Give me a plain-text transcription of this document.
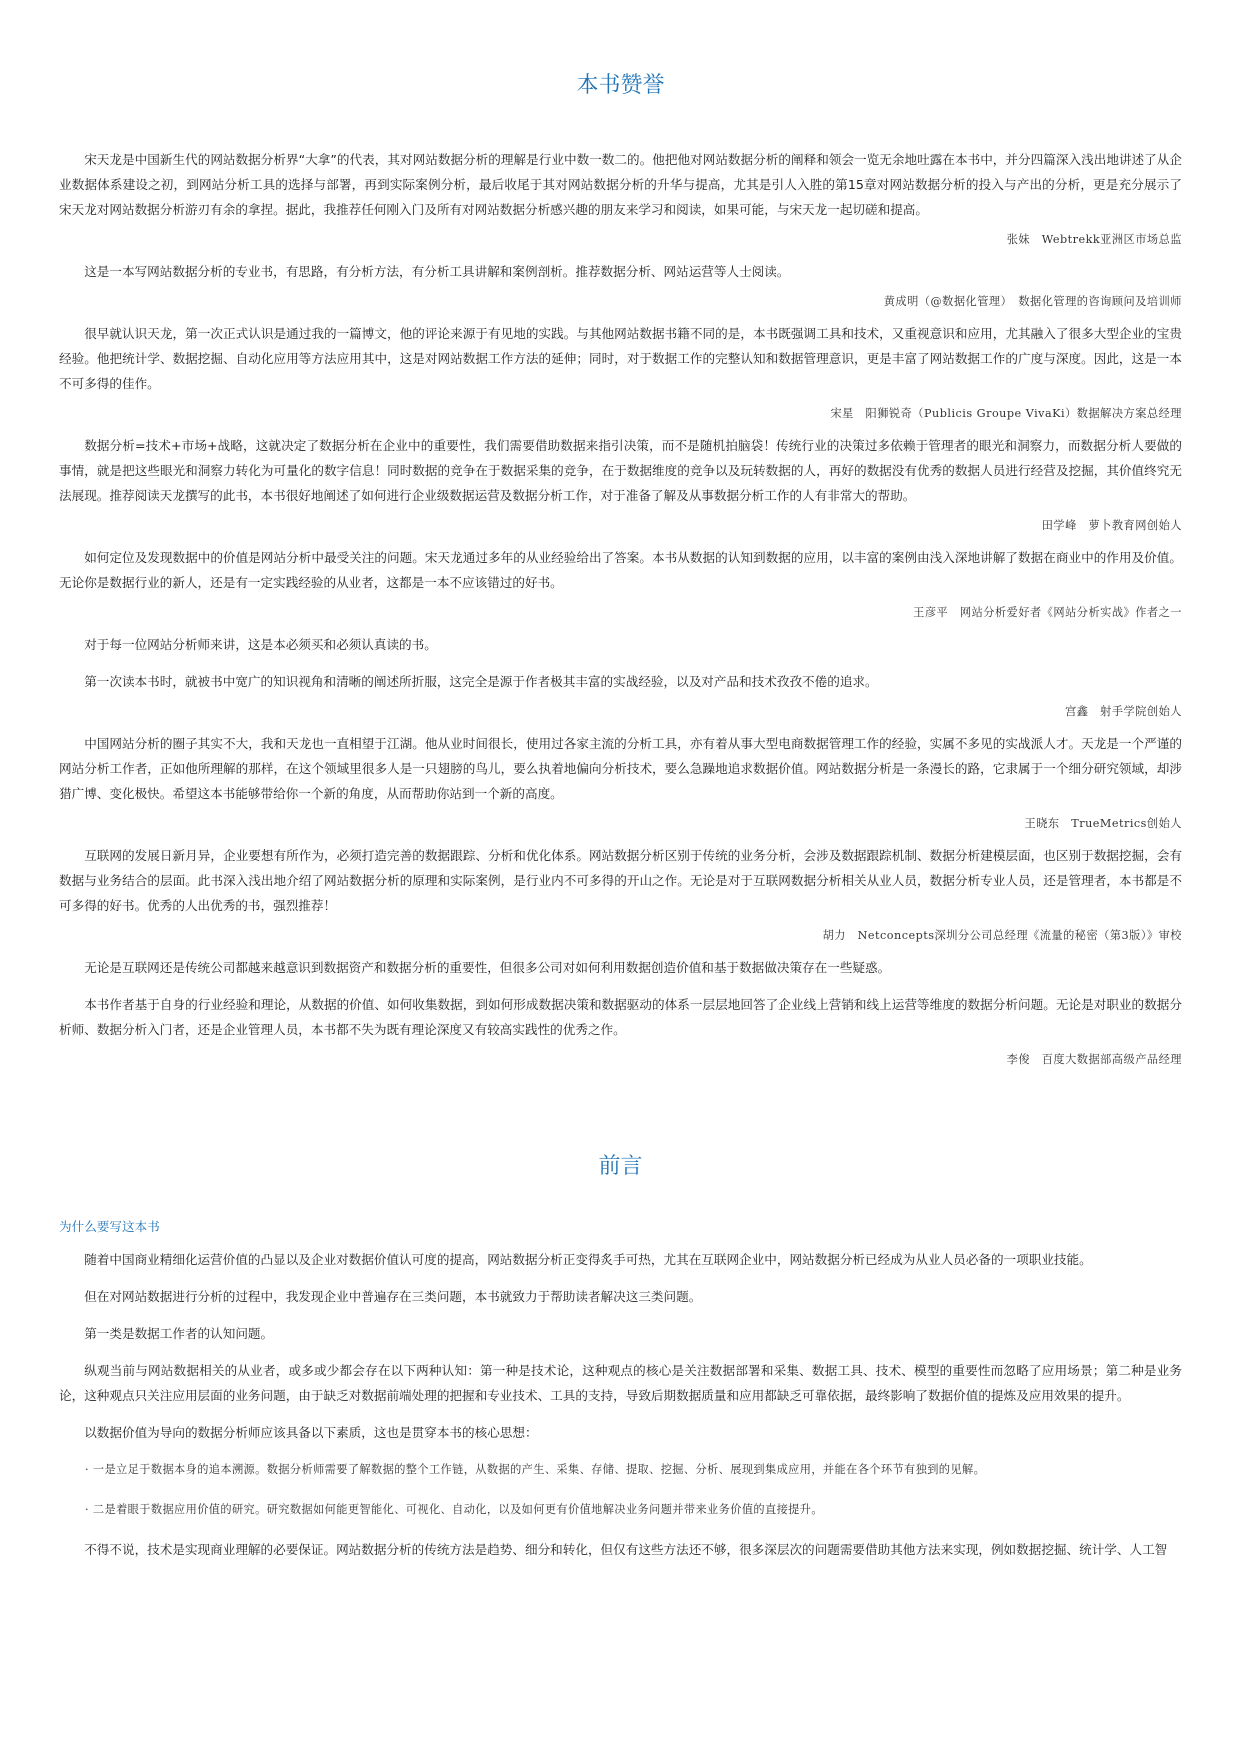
本书赞誉

宋天龙是中国新生代的网站数据分析界“大拿”的代表，其对网站数据分析的理解是行业中数一数二的。他把他对网站数据分析的阐释和领会一览无余地吐露在本书中，并分四篇深入浅出地讲述了从企业数据体系建设之初，到网站分析工具的选择与部署，再到实际案例分析，最后收尾于其对网站数据分析的升华与提高，尤其是引人入胜的第15章对网站数据分析的投入与产出的分析，更是充分展示了宋天龙对网站数据分析游刃有余的拿捏。据此，我推荐任何刚入门及所有对网站数据分析感兴趣的朋友来学习和阅读，如果可能，与宋天龙一起切磋和提高。

张妹　Webtrekk亚洲区市场总监

这是一本写网站数据分析的专业书，有思路，有分析方法，有分析工具讲解和案例剖析。推荐数据分析、网站运营等人士阅读。

黄成明（@数据化管理）　数据化管理的咨询顾问及培训师

很早就认识天龙，第一次正式认识是通过我的一篇博文，他的评论来源于有见地的实践。与其他网站数据书籍不同的是，本书既强调工具和技术，又重视意识和应用，尤其融入了很多大型企业的宝贵经验。他把统计学、数据挖掘、自动化应用等方法应用其中，这是对网站数据工作方法的延伸；同时，对于数据工作的完整认知和数据管理意识，更是丰富了网站数据工作的广度与深度。因此，这是一本不可多得的佳作。

宋星　阳狮锐奇（Publicis Groupe VivaKi）数据解决方案总经理

数据分析=技术+市场+战略，这就决定了数据分析在企业中的重要性，我们需要借助数据来指引决策，而不是随机拍脑袋！传统行业的决策过多依赖于管理者的眼光和洞察力，而数据分析人要做的事情，就是把这些眼光和洞察力转化为可量化的数字信息！同时数据的竞争在于数据采集的竞争，在于数据维度的竞争以及玩转数据的人，再好的数据没有优秀的数据人员进行经营及挖掘，其价值终究无法展现。推荐阅读天龙撰写的此书，本书很好地阐述了如何进行企业级数据运营及数据分析工作，对于准备了解及从事数据分析工作的人有非常大的帮助。

田学峰　萝卜教育网创始人

如何定位及发现数据中的价值是网站分析中最受关注的问题。宋天龙通过多年的从业经验给出了答案。本书从数据的认知到数据的应用，以丰富的案例由浅入深地讲解了数据在商业中的作用及价值。无论你是数据行业的新人，还是有一定实践经验的从业者，这都是一本不应该错过的好书。

王彦平　网站分析爱好者《网站分析实战》作者之一

对于每一位网站分析师来讲，这是本必须买和必须认真读的书。

第一次读本书时，就被书中宽广的知识视角和清晰的阐述所折服，这完全是源于作者极其丰富的实战经验，以及对产品和技术孜孜不倦的追求。

宫鑫　射手学院创始人

中国网站分析的圈子其实不大，我和天龙也一直相望于江湖。他从业时间很长，使用过各家主流的分析工具，亦有着从事大型电商数据管理工作的经验，实属不多见的实战派人才。天龙是一个严谨的网站分析工作者，正如他所理解的那样，在这个领域里很多人是一只翅膀的鸟儿，要么执着地偏向分析技术，要么急躁地追求数据价值。网站数据分析是一条漫长的路，它隶属于一个细分研究领域，却涉猎广博、变化极快。希望这本书能够带给你一个新的角度，从而帮助你站到一个新的高度。

王晓东　TrueMetrics创始人

互联网的发展日新月异，企业要想有所作为，必须打造完善的数据跟踪、分析和优化体系。网站数据分析区别于传统的业务分析，会涉及数据跟踪机制、数据分析建模层面，也区别于数据挖掘，会有数据与业务结合的层面。此书深入浅出地介绍了网站数据分析的原理和实际案例，是行业内不可多得的开山之作。无论是对于互联网数据分析相关从业人员，数据分析专业人员，还是管理者，本书都是不可多得的好书。优秀的人出优秀的书，强烈推荐！

胡力　Netconcepts深圳分公司总经理《流量的秘密（第3版）》审校

无论是互联网还是传统公司都越来越意识到数据资产和数据分析的重要性，但很多公司对如何利用数据创造价值和基于数据做决策存在一些疑惑。

本书作者基于自身的行业经验和理论，从数据的价值、如何收集数据，到如何形成数据决策和数据驱动的体系一层层地回答了企业线上营销和线上运营等维度的数据分析问题。无论是对职业的数据分析师、数据分析入门者，还是企业管理人员，本书都不失为既有理论深度又有较高实践性的优秀之作。

李俊　百度大数据部高级产品经理

前言

为什么要写这本书

随着中国商业精细化运营价值的凸显以及企业对数据价值认可度的提高，网站数据分析正变得炙手可热，尤其在互联网企业中，网站数据分析已经成为从业人员必备的一项职业技能。

但在对网站数据进行分析的过程中，我发现企业中普遍存在三类问题，本书就致力于帮助读者解决这三类问题。

第一类是数据工作者的认知问题。

纵观当前与网站数据相关的从业者，或多或少都会存在以下两种认知：第一种是技术论，这种观点的核心是关注数据部署和采集、数据工具、技术、模型的重要性而忽略了应用场景；第二种是业务论，这种观点只关注应用层面的业务问题，由于缺乏对数据前端处理的把握和专业技术、工具的支持，导致后期数据质量和应用都缺乏可靠依据，最终影响了数据价值的提炼及应用效果的提升。

以数据价值为导向的数据分析师应该具备以下素质，这也是贯穿本书的核心思想：

· 一是立足于数据本身的追本溯源。数据分析师需要了解数据的整个工作链，从数据的产生、采集、存储、提取、挖掘、分析、展现到集成应用，并能在各个环节有独到的见解。

· 二是着眼于数据应用价值的研究。研究数据如何能更智能化、可视化、自动化，以及如何更有价值地解决业务问题并带来业务价值的直接提升。

不得不说，技术是实现商业理解的必要保证。网站数据分析的传统方法是趋势、细分和转化，但仅有这些方法还不够，很多深层次的问题需要借助其他方法来实现，例如数据挖掘、统计学、人工智
